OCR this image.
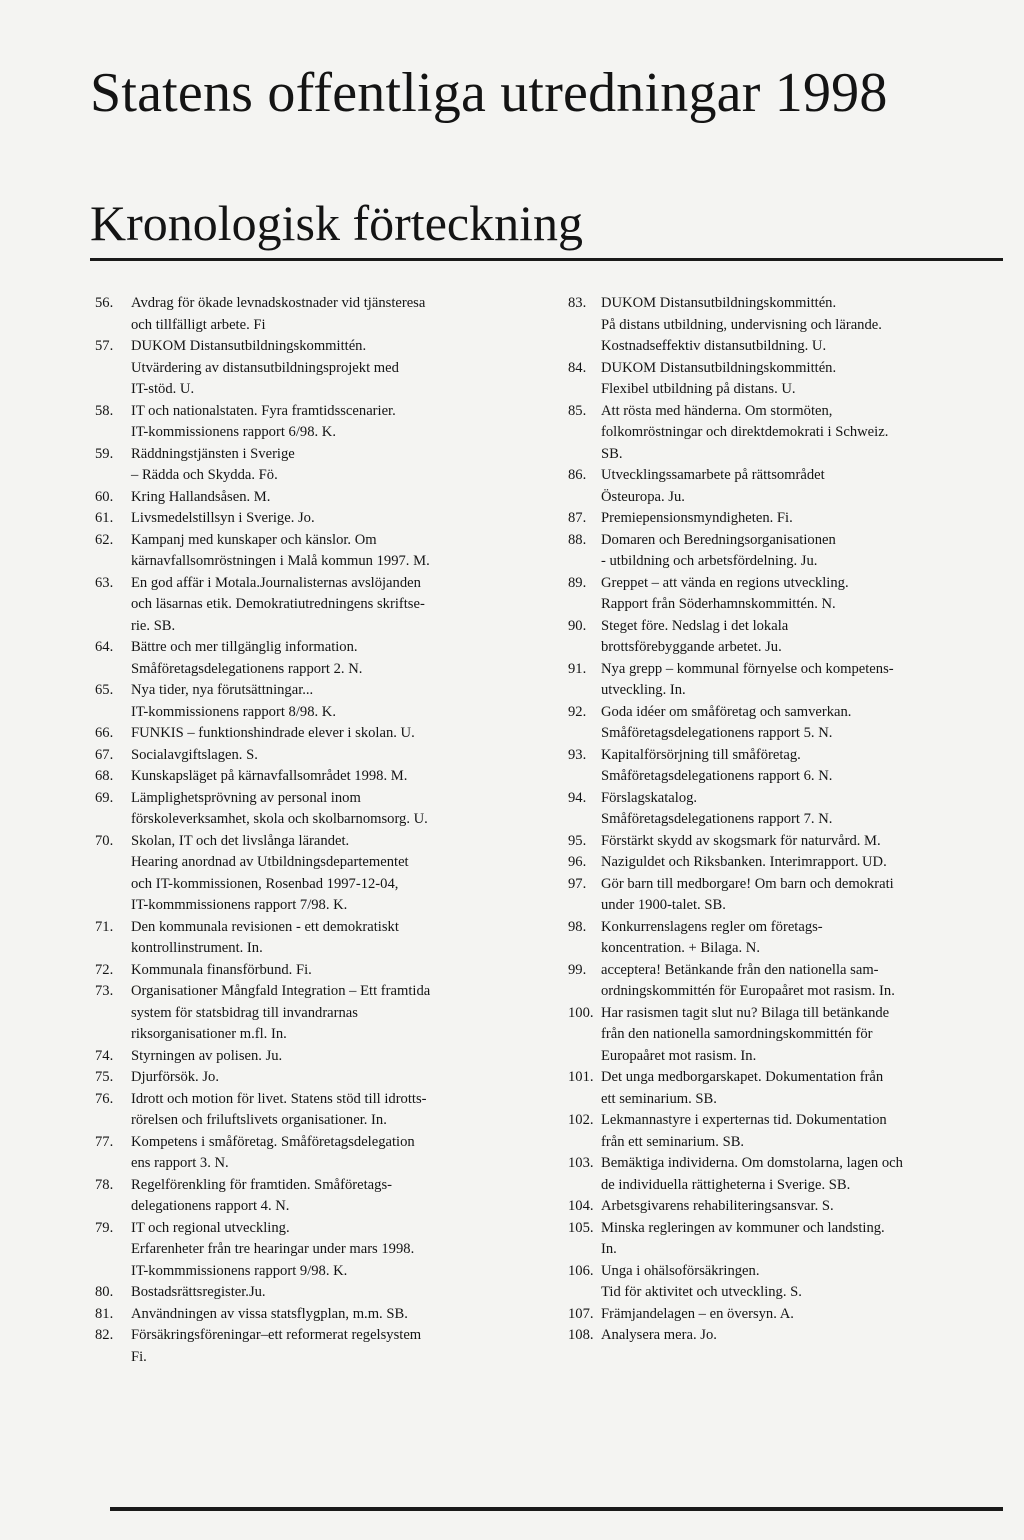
Statens offentliga utredningar 1998
Kronologisk förteckning
56.	Avdrag för ökade levnadskostnader vid tjänsteresa
och tillfälligt arbete. Fi
57.	DUKOM Distansutbildningskommittén.
Utvärdering av distansutbildningsprojekt med
IT-stöd. U.
58.	IT och nationalstaten. Fyra framtidsscenarier.
IT-kommissionens rapport 6/98. K.
59.	Räddningstjänsten i Sverige
– Rädda och Skydda. Fö.
60.	Kring Hallandsåsen. M.
61.	Livsmedelstillsyn i Sverige. Jo.
62.	Kampanj med kunskaper och känslor. Om
kärnavfallsomröstningen i Malå kommun 1997. M.
63.	En god affär i Motala.Journalisternas avslöjanden
och läsarnas etik. Demokratiutredningens skriftse-
rie. SB.
64.	Bättre och mer tillgänglig information.
Småföretagsdelegationens rapport 2. N.
65.	Nya tider, nya förutsättningar...
IT-kommissionens rapport 8/98. K.
66.	FUNKIS – funktionshindrade elever i skolan. U.
67.	Socialavgiftslagen. S.
68.	Kunskapsläget på kärnavfallsområdet 1998. M.
69.	Lämplighetsprövning av personal inom
förskoleverksamhet, skola och skolbarnomsorg. U.
70.	Skolan, IT och det livslånga lärandet.
Hearing anordnad av Utbildningsdepartementet
och IT-kommissionen, Rosenbad 1997-12-04,
IT-kommmissionens rapport 7/98. K.
71.	Den kommunala revisionen - ett demokratiskt
kontrollinstrument. In.
72.	Kommunala finansförbund. Fi.
73.	Organisationer Mångfald Integration – Ett framtida
system för statsbidrag till invandrarnas
riksorganisationer m.fl. In.
74.	Styrningen av polisen. Ju.
75.	Djurförsök. Jo.
76.	Idrott och motion för livet. Statens stöd till idrotts-
rörelsen och friluftslivets organisationer. In.
77.	Kompetens i småföretag. Småföretagsdelegation
ens rapport 3. N.
78.	Regelförenkling för framtiden. Småföretags-
delegationens rapport 4. N.
79.	IT och regional utveckling.
Erfarenheter från tre hearingar under mars 1998.
IT-kommmissionens rapport 9/98. K.
80.	Bostadsrättsregister.Ju.
81.	Användningen av vissa statsflygplan, m.m. SB.
82.	Försäkringsföreningar–ett reformerat regelsystem
Fi.
83.	DUKOM Distansutbildningskommittén.
På distans utbildning, undervisning och lärande.
Kostnadseffektiv distansutbildning. U.
84.	DUKOM Distansutbildningskommittén.
Flexibel utbildning på distans. U.
85.	Att rösta med händerna. Om stormöten,
folkomröstningar och direktdemokrati i Schweiz.
SB.
86.	Utvecklingssamarbete på rättsområdet
Östeuropa. Ju.
87.	Premiepensionsmyndigheten. Fi.
88.	Domaren och Beredningsorganisationen
- utbildning och arbetsfördelning. Ju.
89.	Greppet – att vända en regions utveckling.
Rapport från Söderhamnskommittén. N.
90.	Steget före. Nedslag i det lokala
brottsförebyggande arbetet. Ju.
91.	Nya grepp – kommunal förnyelse och kompetens-
utveckling. In.
92.	Goda idéer om småföretag och samverkan.
Småföretagsdelegationens rapport 5. N.
93.	Kapitalförsörjning till småföretag.
Småföretagsdelegationens rapport 6. N.
94.	Förslagskatalog.
Småföretagsdelegationens rapport 7. N.
95.	Förstärkt skydd av skogsmark för naturvård. M.
96.	Naziguldet och Riksbanken. Interimrapport. UD.
97.	Gör barn till medborgare! Om barn och demokrati
under 1900-talet. SB.
98.	Konkurrenslagens regler om företags-
koncentration. + Bilaga. N.
99.	acceptera! Betänkande från den nationella sam-
ordningskommittén för Europaåret mot rasism. In.
100. Har rasismen tagit slut nu? Bilaga till betänkande
från den nationella samordningskommittén för
Europaåret mot rasism. In.
101. Det unga medborgarskapet. Dokumentation från
ett seminarium. SB.
102. Lekmannastyre i experternas tid. Dokumentation
från ett seminarium. SB.
103. Bemäktiga individerna. Om domstolarna, lagen och
de individuella rättigheterna i Sverige. SB.
104. Arbetsgivarens rehabiliteringsansvar. S.
105. Minska regleringen av kommuner och landsting.
In.
106. Unga i ohälsoförsäkringen.
Tid för aktivitet och utveckling. S.
107. Främjandelagen – en översyn. A.
108. Analysera mera. Jo.
